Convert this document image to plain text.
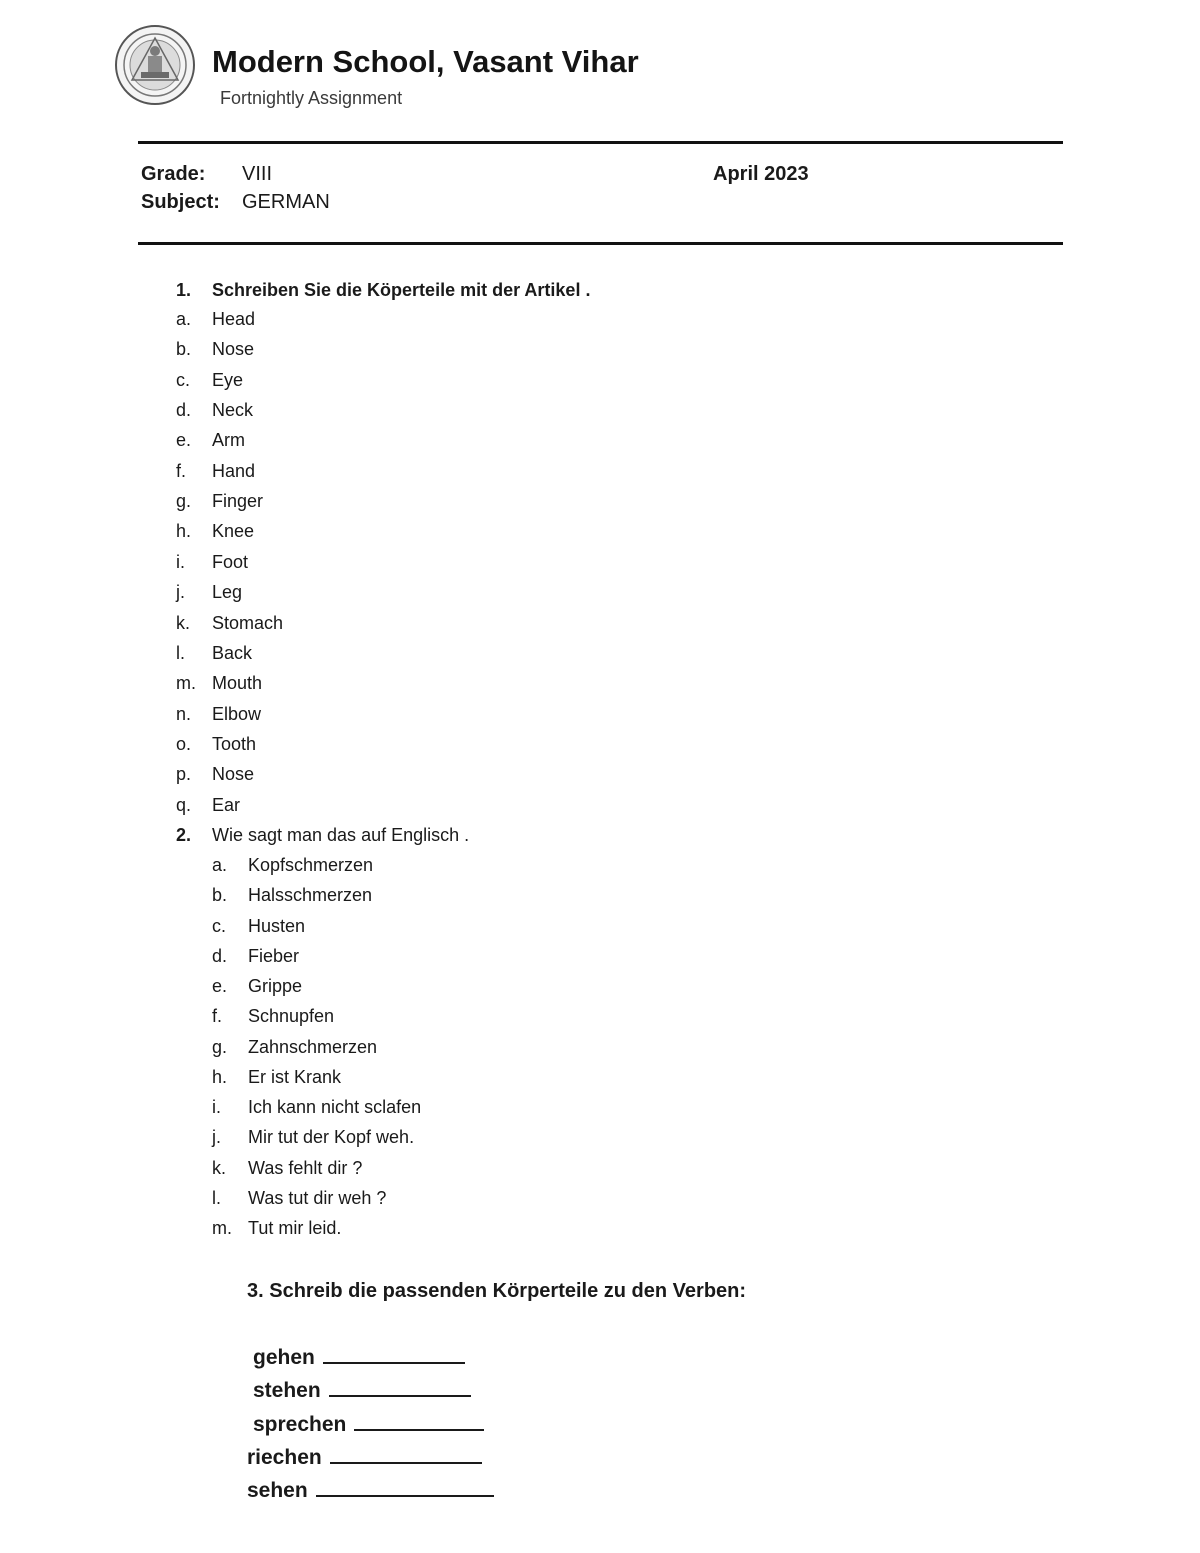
Modern School, Vasant Vihar
Fortnightly Assignment
Grade: VIII	April 2023
Subject: GERMAN
1. Schreiben Sie die Köperteile mit der Artikel .
a. Head
b. Nose
c. Eye
d. Neck
e. Arm
f. Hand
g. Finger
h. Knee
i. Foot
j. Leg
k. Stomach
l. Back
m. Mouth
n. Elbow
o. Tooth
p. Nose
q. Ear
2. Wie sagt man das auf Englisch .
a. Kopfschmerzen
b. Halsschmerzen
c. Husten
d. Fieber
e. Grippe
f. Schnupfen
g. Zahnschmerzen
h. Er ist Krank
i. Ich kann nicht sclafen
j. Mir tut der Kopf weh.
k. Was fehlt dir ?
l. Was tut dir weh ?
m. Tut mir leid.
3. Schreib die passenden Körperteile zu den Verben:
gehen
stehen
sprechen
riechen
sehen
